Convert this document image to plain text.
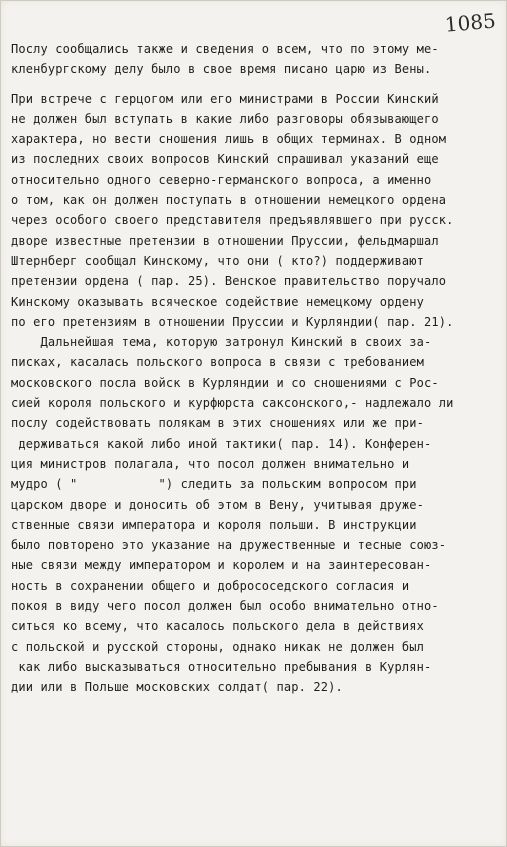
1085
Послу сообщались также и сведения о всем, что по этому ме-
кленбургскому делу было в свое время писано царю из Вены.
При встрече с герцогом или его министрами в России Кинский
не должен был вступать в какие либо разговоры обязывающего
характера, но вести сношения лишь в общих терминах. В одном
из последних своих вопросов Кинский спрашивал указаний еще
относительно одного северно-германского вопроса, а именно
о том, как он должен поступать в отношении немецкого ордена
через особого своего представителя предъявлявшего при русск.
дворе известные претензии в отношении Пруссии, фельдмаршал
Штернберг сообщал Кинскому, что они ( кто?) поддерживают
претензии ордена ( пар. 25). Венское правительство поручало
Кинскому оказывать всяческое содействие немецкому ордену
по его претензиям в отношении Пруссии и Курляндии( пар. 21).
Дальнейшая тема, которую затронул Кинский в своих за-
писках, касалась польского вопроса в связи с требованием
московского посла войск в Курляндии и со сношениями с Рос-
сией короля польского и курфюрста саксонского,- надлежало ли
послу содействовать полякам в этих сношениях или же при-
держиваться какой либо иной тактики( пар. 14). Конферен-
ция министров полагала, что посол должен внимательно и
мудро ( "           ") следить за польским вопросом при
царском дворе и доносить об этом в Вену, учитывая друже-
ственные связи императора и короля польши. В инструкции
было повторено это указание на дружественные и тесные союз-
ные связи между императором и королем и на заинтересован-
ность в сохранении общего и добрососедского согласия и
покоя в виду чего посол должен был особо внимательно отно-
ситься ко всему, что касалось польского дела в действиях
с польской и русской стороны, однако никак не должен был
как либо высказываться относительно пребывания в Курлян-
дии или в Польше московских солдат( пар. 22).
